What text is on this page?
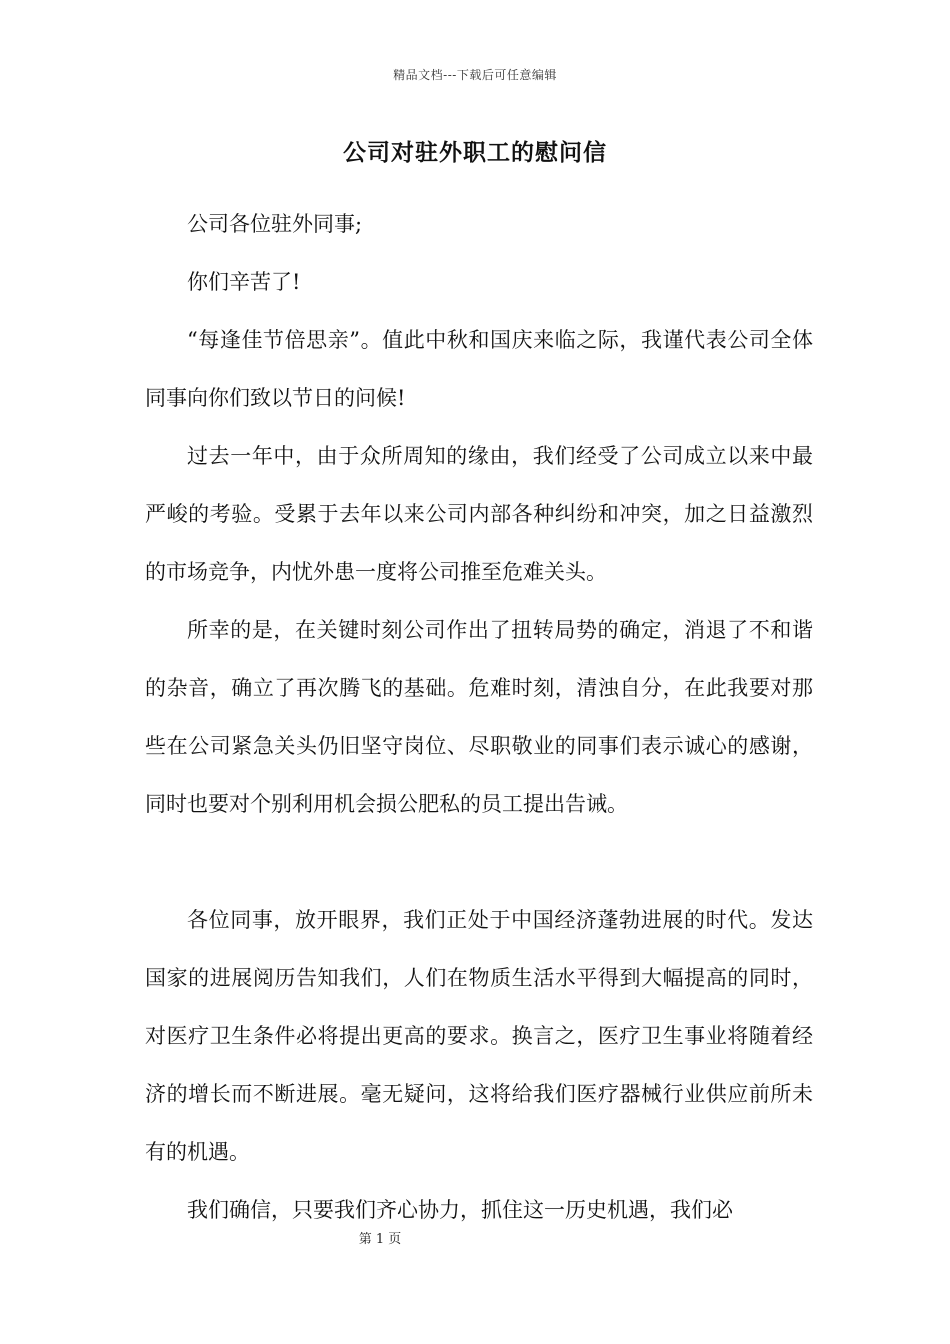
精品文档---下载后可任意编辑
公司对驻外职工的慰问信

公司各位驻外同事;

你们辛苦了!

“每逢佳节倍思亲”。值此中秋和国庆来临之际，我谨代表公司全体同事向你们致以节日的问候!

过去一年中，由于众所周知的缘由，我们经受了公司成立以来中最严峻的考验。受累于去年以来公司内部各种纠纷和冲突，加之日益激烈的市场竞争，内忧外患一度将公司推至危难关头。

所幸的是，在关键时刻公司作出了扭转局势的确定，消退了不和谐的杂音，确立了再次腾飞的基础。危难时刻，清浊自分，在此我要对那些在公司紧急关头仍旧坚守岗位、尽职敬业的同事们表示诚心的感谢，同时也要对个别利用机会损公肥私的员工提出告诫。

各位同事，放开眼界，我们正处于中国经济蓬勃进展的时代。发达国家的进展阅历告知我们，人们在物质生活水平得到大幅提高的同时，对医疗卫生条件必将提出更高的要求。换言之，医疗卫生事业将随着经济的增长而不断进展。毫无疑问，这将给我们医疗器械行业供应前所未有的机遇。

我们确信，只要我们齐心协力，抓住这一历史机遇，我们必

第 1 页
